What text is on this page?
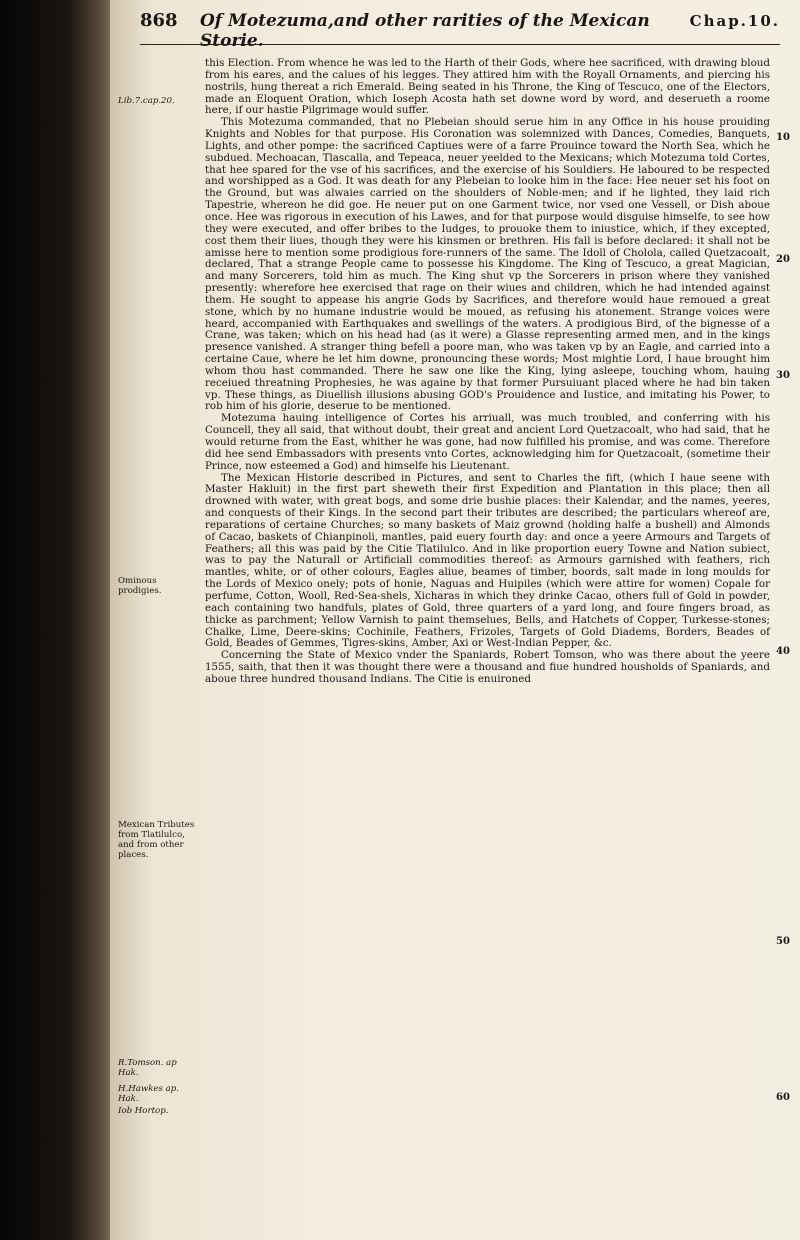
868	Of Motezuma,and other rarities of the Mexican Storie.
Chap.10.
Lib.7.cap.20.
Ominous prodigies.
Mexican Tributes from Tlatilulco, and from other places.
R.Tomson. ap Hak.
H.Hawkes ap. Hak.
Iob Hortop.
10
20
30
40
50
60

this Election. From whence he was led to the Harth of their Gods, where hee sacrificed, with drawing bloud from his eares, and the calues of his legges. They attired him with the Royall Ornaments, and piercing his nostrils, hung thereat a rich Emerald. Being seated in his Throne, the King of Tescuco, one of the Electors, made an Eloquent Oration, which Ioseph Acosta hath set downe word by word, and deserueth a roome here, if our hastie Pilgrimage would suffer.

This Motezuma commanded, that no Plebeian should serue him in any Office in his house prouiding Knights and Nobles for that purpose. His Coronation was solemnized with Dances, Comedies, Banquets, Lights, and other pompe: the sacrificed Captiues were of a farre Prouince toward the North Sea, which he subdued. Mechoacan, Tlascalla, and Tepeaca, neuer yeelded to the Mexicans; which Motezuma told Cortes, that hee spared for the vse of his sacrifices, and the exercise of his Souldiers. He laboured to be respected and worshipped as a God. It was death for any Plebeian to looke him in the face: Hee neuer set his foot on the Ground, but was alwaies carried on the shoulders of Noble-men; and if he lighted, they laid rich Tapestrie, whereon he did goe. He neuer put on one Garment twice, nor vsed one Vessell, or Dish aboue once. Hee was rigorous in execution of his Lawes, and for that purpose would disguise himselfe, to see how they were executed, and offer bribes to the Iudges, to prouoke them to iniustice, which, if they excepted, cost them their liues, though they were his kinsmen or brethren. His fall is before declared: it shall not be amisse here to mention some prodigious fore-runners of the same. The Idoll of Cholola, called Quetzacoalt, declared, That a strange People came to possesse his Kingdome. The King of Tescuco, a great Magician, and many Sorcerers, told him as much. The King shut vp the Sorcerers in prison where they vanished presently: wherefore hee exercised that rage on their wiues and children, which he had intended against them. He sought to appease his angrie Gods by Sacrifices, and therefore would haue remoued a great stone, which by no humane industrie would be moued, as refusing his atonement. Strange voices were heard, accompanied with Earthquakes and swellings of the waters. A prodigious Bird, of the bignesse of a Crane, was taken; which on his head had (as it were) a Glasse representing armed men, and in the kings presence vanished. A stranger thing befell a poore man, who was taken vp by an Eagle, and carried into a certaine Caue, where he let him downe, pronouncing these words; Most mightie Lord, I haue brought him whom thou hast commanded. There he saw one like the King, lying asleepe, touching whom, hauing receiued threatning Prophesies, he was againe by that former Pursuiuant placed where he had bin taken vp. These things, as Diuellish illusions abusing GOD's Prouidence and Iustice, and imitating his Power, to rob him of his glorie, deserue to be mentioned.

Motezuma hauing intelligence of Cortes his arriuall, was much troubled, and conferring with his Councell, they all said, that without doubt, their great and ancient Lord Quetzacoalt, who had said, that he would returne from the East, whither he was gone, had now fulfilled his promise, and was come. Therefore did hee send Embassadors with presents vnto Cortes, acknowledging him for Quetzacoalt, (sometime their Prince, now esteemed a God) and himselfe his Lieutenant.

The Mexican Historie described in Pictures, and sent to Charles the fift, (which I haue seene with Master Hakluit) in the first part sheweth their first Expedition and Plantation in this place; then all drowned with water, with great bogs, and some drie bushie places: their Kalendar, and the names, yeeres, and conquests of their Kings. In the second part their tributes are described; the particulars whereof are, reparations of certaine Churches; so many baskets of Maiz grownd (holding halfe a bushell) and Almonds of Cacao, baskets of Chianpinoli, mantles, paid euery fourth day: and once a yeere Armours and Targets of Feathers; all this was paid by the Citie Tlatilulco. And in like proportion euery Towne and Nation subiect, was to pay the Naturall or Artificiall commodities thereof: as Armours garnished with feathers, rich mantles, white, or of other colours, Eagles aliue, beames of timber, boords, salt made in long moulds for the Lords of Mexico onely; pots of honie, Naguas and Huipiles (which were attire for women) Copale for perfume, Cotton, Wooll, Red-Sea-shels, Xicharas in which they drinke Cacao, others full of Gold in powder, each containing two handfuls, plates of Gold, three quarters of a yard long, and foure fingers broad, as thicke as parchment; Yellow Varnish to paint themselues, Bells, and Hatchets of Copper, Turkesse-stones; Chalke, Lime, Deere-skins; Cochinile, Feathers, Frizoles, Targets of Gold Diadems, Borders, Beades of Gold, Beades of Gemmes, Tigres-skins, Amber, Axi or West-Indian Pepper, &c.

Concerning the State of Mexico vnder the Spaniards, Robert Tomson, who was there about the yeere 1555, saith, that then it was thought there were a thousand and fiue hundred housholds of Spaniards, and aboue three hundred thousand Indians. The Citie is enuironed
